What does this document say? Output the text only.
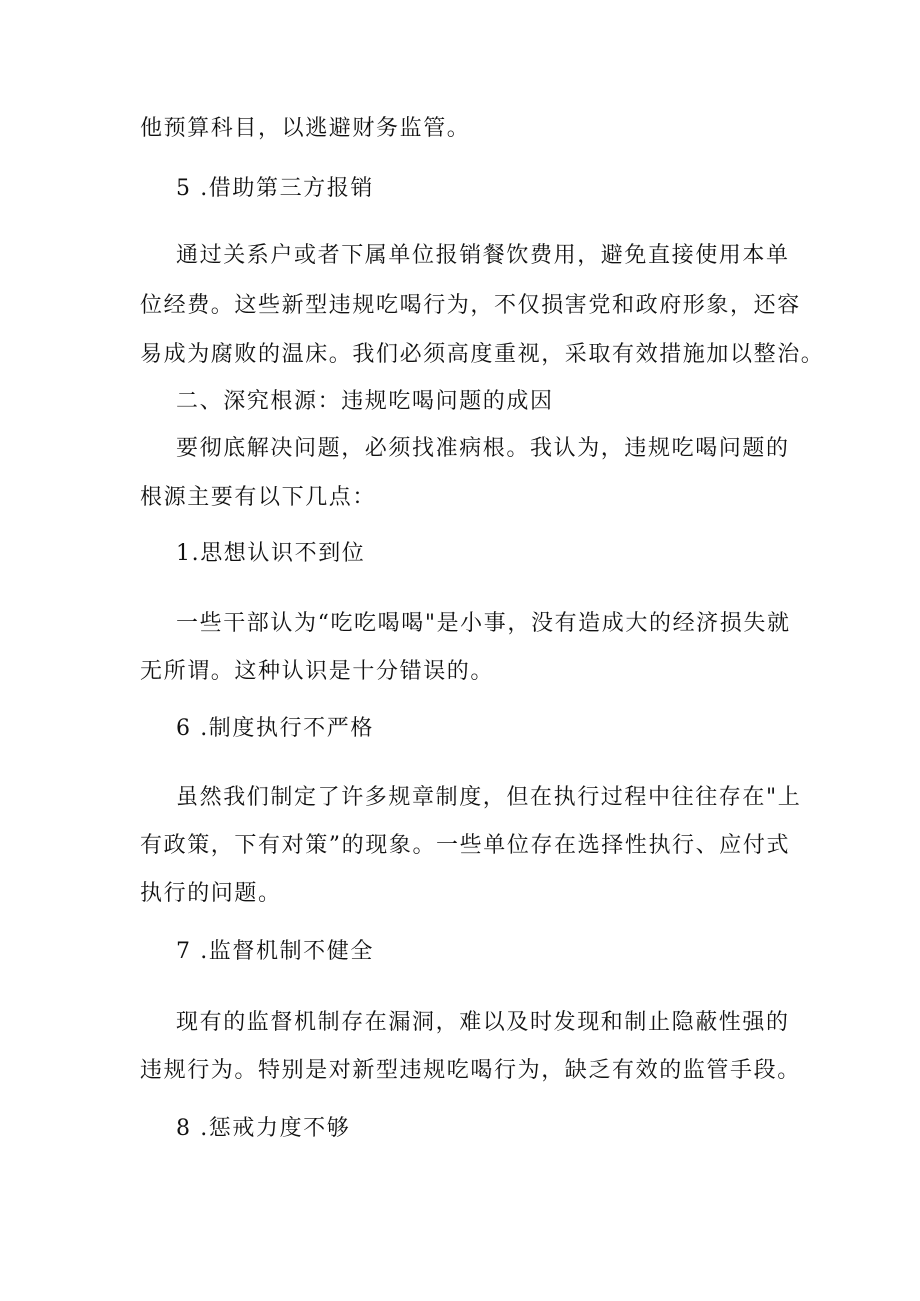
他预算科目，以逃避财务监管。
5 .借助第三方报销
通过关系户或者下属单位报销餐饮费用，避免直接使用本单
位经费。这些新型违规吃喝行为，不仅损害党和政府形象，还容
易成为腐败的温床。我们必须高度重视，采取有效措施加以整治。
二、深究根源：违规吃喝问题的成因
要彻底解决问题，必须找准病根。我认为，违规吃喝问题的
根源主要有以下几点：
1.思想认识不到位
一些干部认为“吃吃喝喝"是小事，没有造成大的经济损失就
无所谓。这种认识是十分错误的。
6 .制度执行不严格
虽然我们制定了许多规章制度，但在执行过程中往往存在"上
有政策，下有对策”的现象。一些单位存在选择性执行、应付式
执行的问题。
7 .监督机制不健全
现有的监督机制存在漏洞，难以及时发现和制止隐蔽性强的
违规行为。特别是对新型违规吃喝行为，缺乏有效的监管手段。
8 .惩戒力度不够
